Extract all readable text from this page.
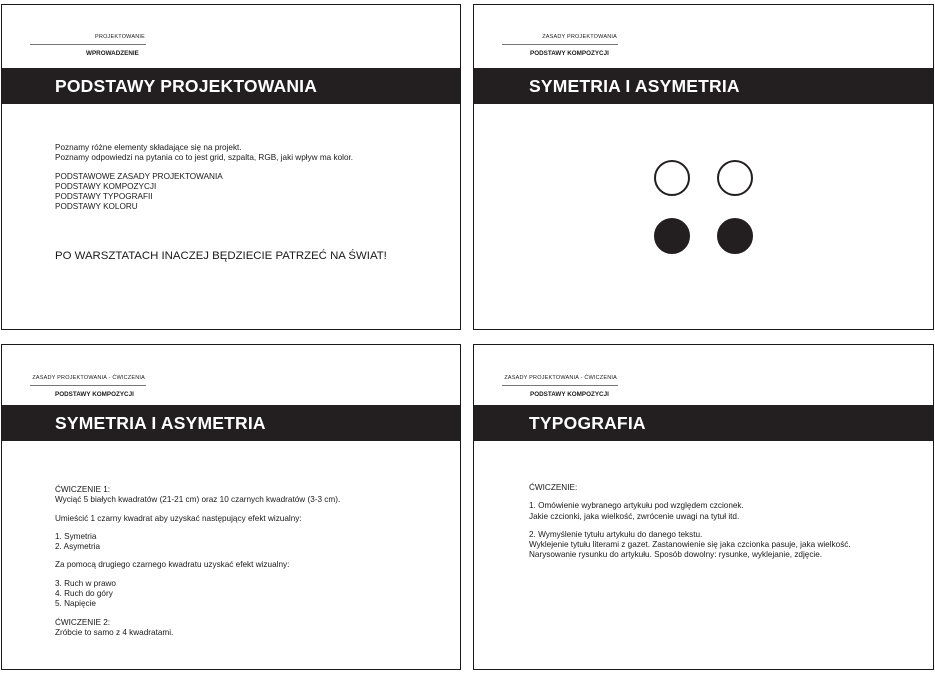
PROJEKTOWANIE
WPROWADZENIE
PODSTAWY PROJEKTOWANIA

Poznamy różne elementy składające się na projekt.

Poznamy odpowiedzi na pytania co to jest grid, szpalta, RGB, jaki wpływ ma kolor.

PODSTAWOWE ZASADY PROJEKTOWANIA

PODSTAWY KOMPOZYCJI

PODSTAWY TYPOGRAFII

PODSTAWY KOLORU

PO WARSZTATACH INACZEJ BĘDZIECIE PATRZEĆ NA ŚWIAT!
ZASADY PROJEKTOWANIA
PODSTAWY KOMPOZYCJI
SYMETRIA I ASYMETRIA
ZASADY PROJEKTOWANIA - ĆWICZENIA
PODSTAWY KOMPOZYCJI
SYMETRIA I ASYMETRIA

ĆWICZENIE 1:

Wyciąć 5 białych kwadratów (21-21 cm) oraz 10 czarnych kwadratów (3-3 cm).

Umieścić 1 czarny kwadrat aby uzyskać następujący efekt wizualny:

1. Symetria

2. Asymetria

Za pomocą drugiego czarnego kwadratu uzyskać efekt wizualny:

3. Ruch w prawo

4. Ruch do góry

5. Napięcie

ĆWICZENIE 2:

Zróbcie to samo z 4 kwadratami.

ZASADY PROJEKTOWANIA - ĆWICZENIA
PODSTAWY KOMPOZYCJI
TYPOGRAFIA

ĆWICZENIE:

1. Omówienie wybranego artykułu pod względem czcionek.

Jakie czcionki, jaka wielkość, zwrócenie uwagi na tytuł itd.

2. Wymyślenie tytułu artykułu do danego tekstu.

Wyklejenie tytułu literami z gazet. Zastanowienie się jaka czcionka pasuje, jaka wielkość.

Narysowanie rysunku do artykułu. Sposób dowolny: rysunke, wyklejanie, zdjęcie.
